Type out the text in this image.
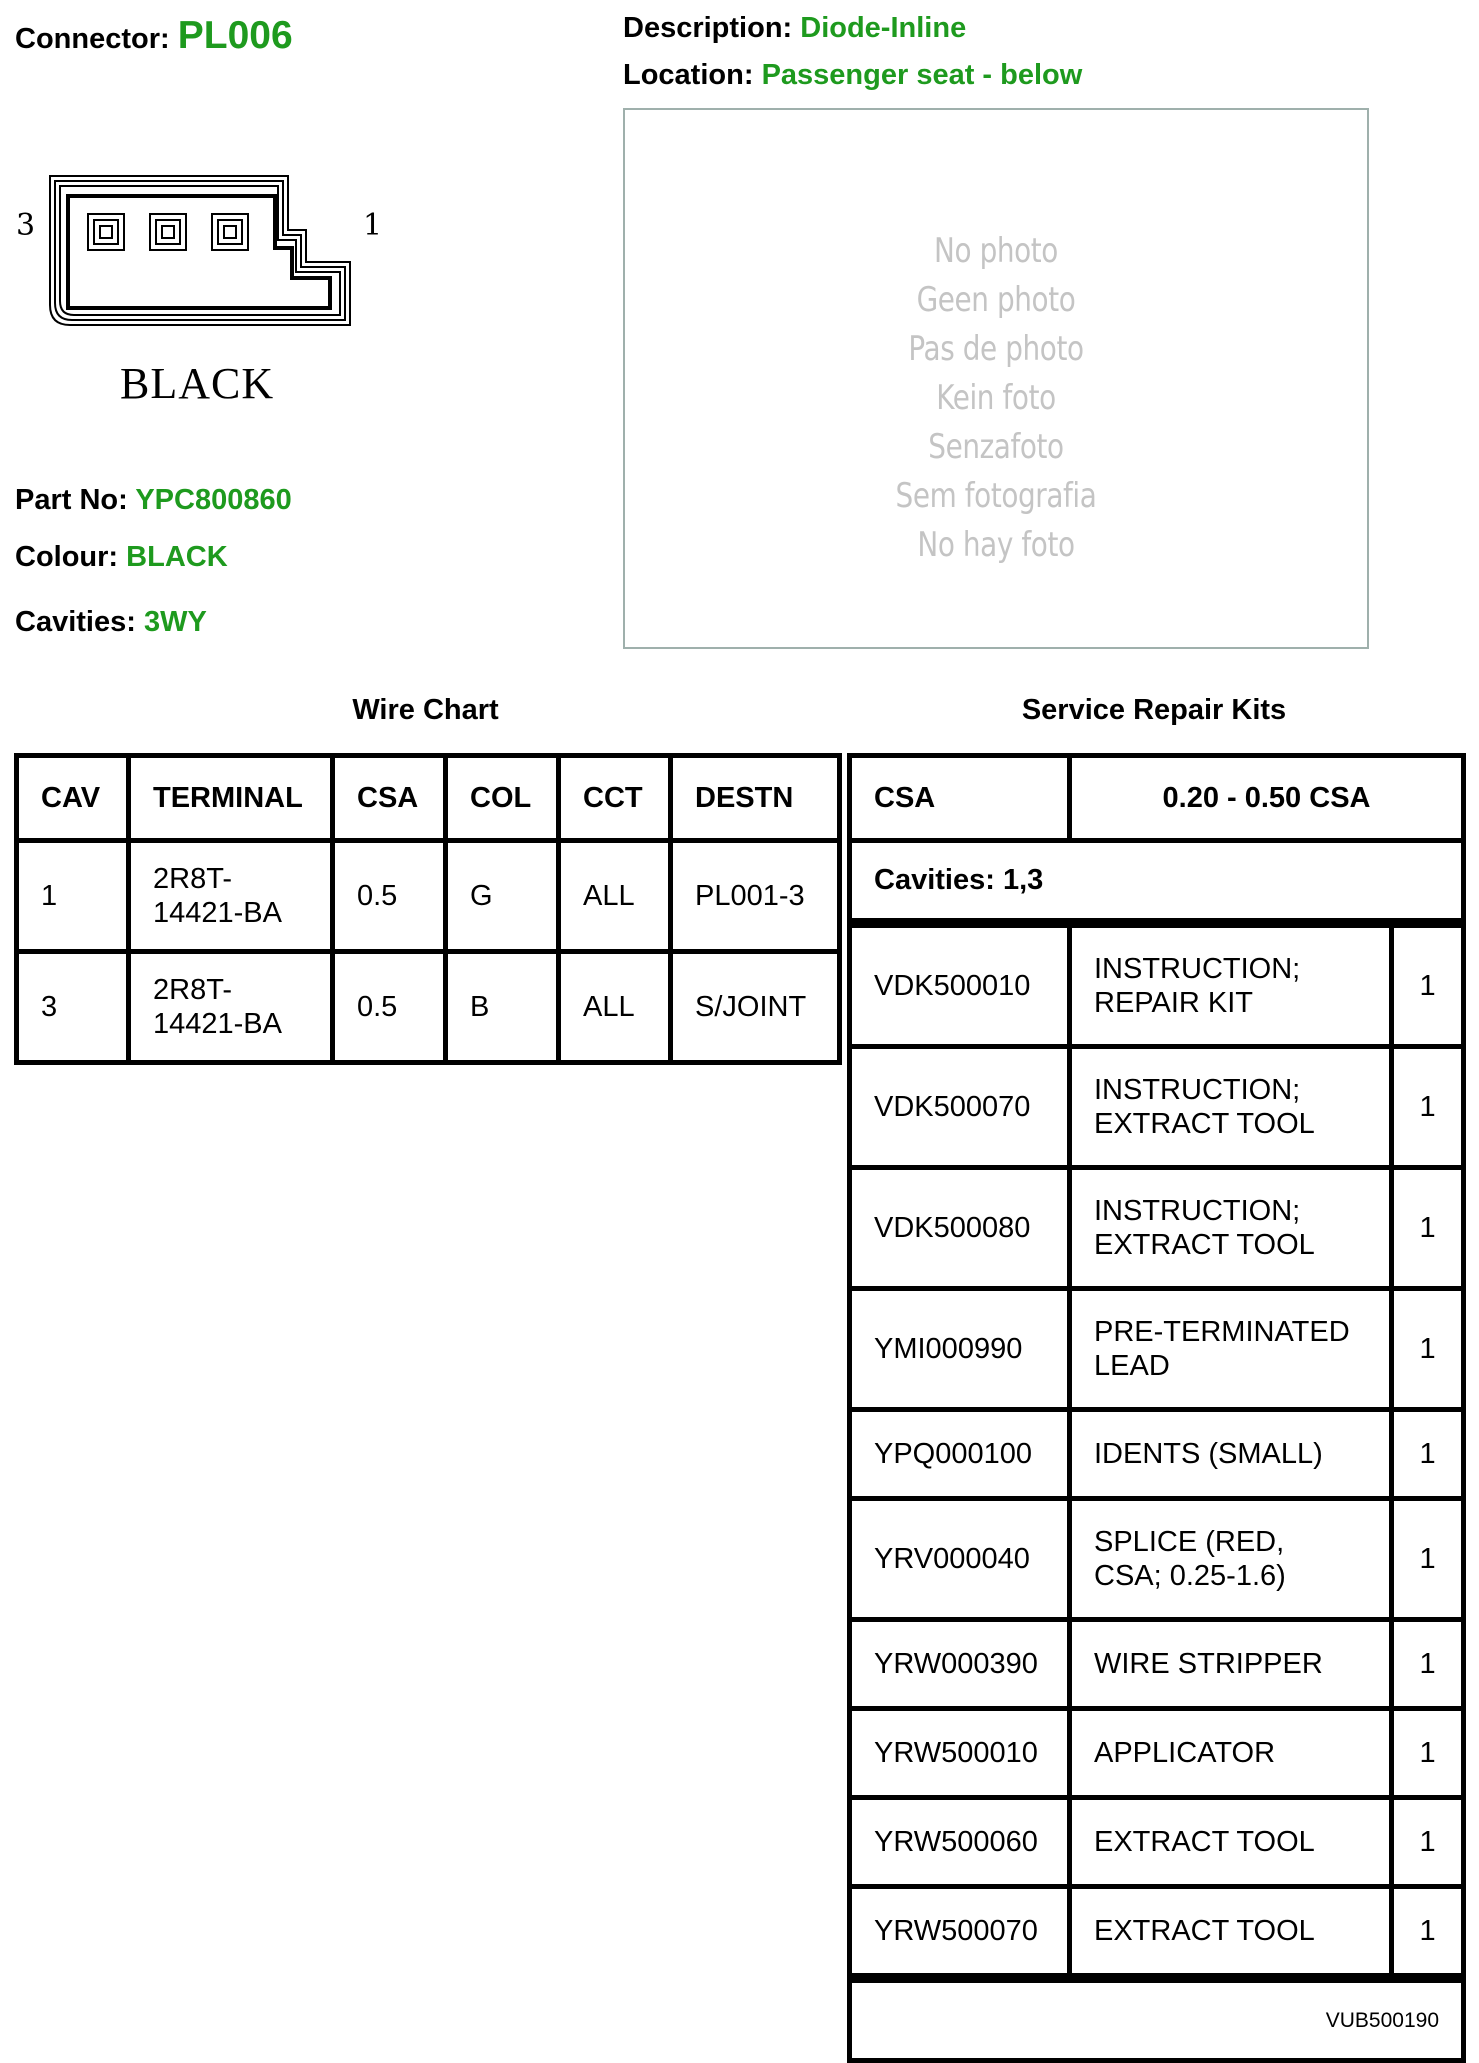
Connector: PL006	Description: Diode-Inline
Location: Passenger seat - below
3	1
BLACK
Part No: YPC800860
Colour: BLACK
Cavities: 3WY
No photo
Geen photo
Pas de photo
Kein foto
Senzafoto
Sem fotografia
No hay foto
Wire Chart	Service Repair Kits
CAV	TERMINAL	CSA	COL	CCT	DESTN
1	2R8T-14421-BA	0.5	G	ALL	PL001-3
3	2R8T-14421-BA	0.5	B	ALL	S/JOINT
CSA	0.20 - 0.50 CSA	
Cavities: 1,3		

VDK500010	INSTRUCTION; REPAIR KIT	1
VDK500070	INSTRUCTION; EXTRACT TOOL	1
VDK500080	INSTRUCTION; EXTRACT TOOL	1
YMI000990	PRE-TERMINATED LEAD	1
YPQ000100	IDENTS (SMALL)	1
YRV000040	SPLICE (RED, CSA; 0.25-1.6)	1
YRW000390	WIRE STRIPPER	1
YRW500010	APPLICATOR	1
YRW500060	EXTRACT TOOL	1
YRW500070	EXTRACT TOOL	1

VUB500190		
